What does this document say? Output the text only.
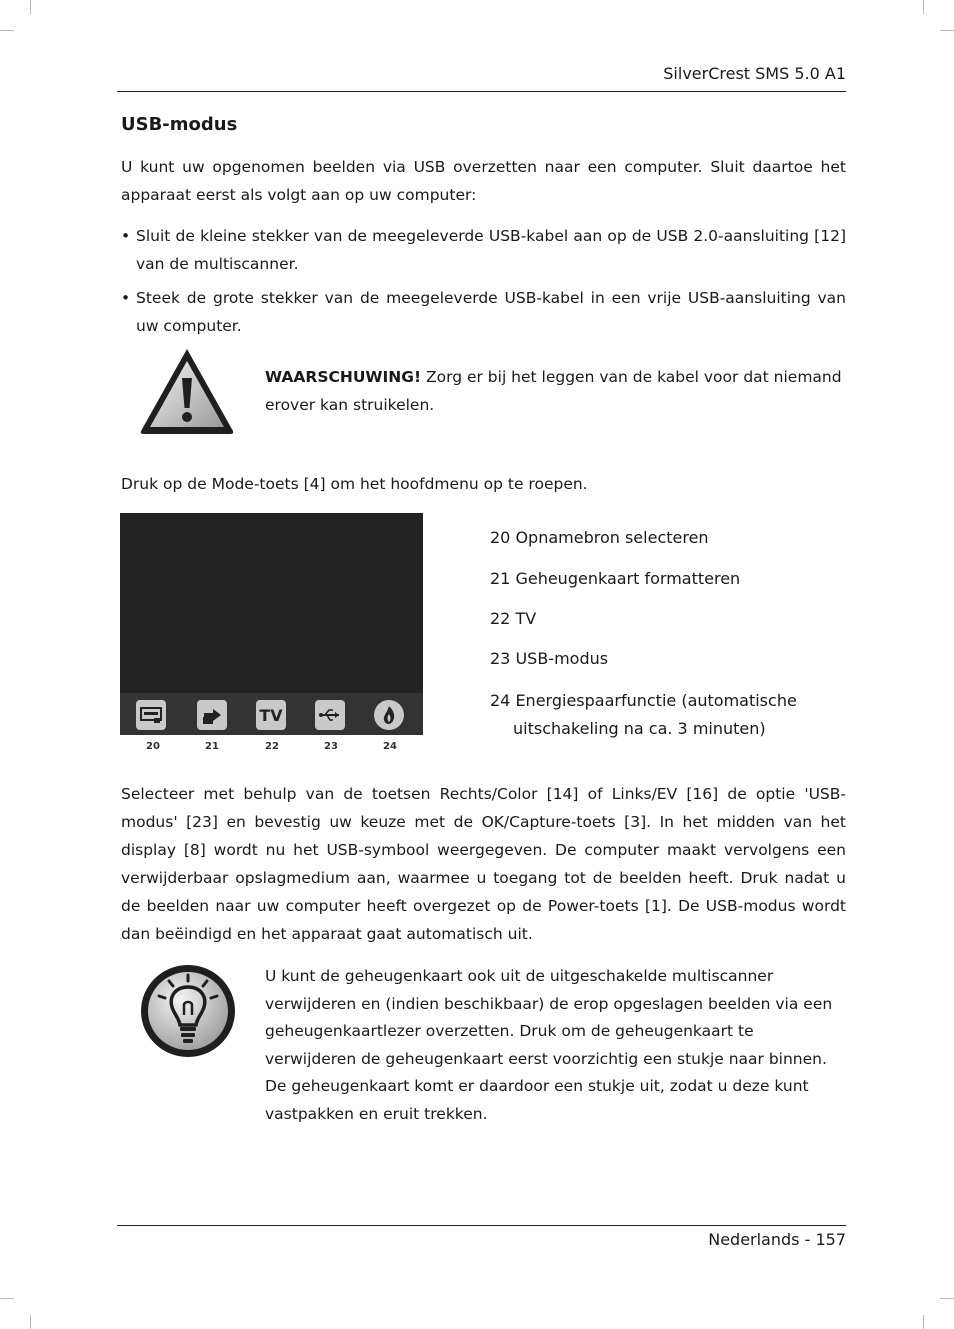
SilverCrest SMS 5.0 A1
USB-modus

U kunt uw opgenomen beelden via USB overzetten naar een computer. Sluit daartoe het apparaat eerst als volgt aan op uw computer:

• Sluit de kleine stekker van de meegeleverde USB-kabel aan op de USB 2.0-aansluiting [12] van de multiscanner.
• Steek de grote stekker van de meegeleverde USB-kabel in een vrije USB-aansluiting van uw computer.
WAARSCHUWING! Zorg er bij het leggen van de kabel voor dat niemand erover kan struikelen.

Druk op de Mode-toets [4] om het hoofdmenu op te roepen.

TV
20	21	22	23	24
20 Opnamebron selecteren
21 Geheugenkaart formatteren
22 TV
23 USB-modus
24 Energiespaarfunctie (automatische
uitschakeling na ca. 3 minuten)

Selecteer met behulp van de toetsen Rechts/Color [14] of Links/EV [16] de optie 'USB-modus' [23] en bevestig uw keuze met de OK/Capture-toets [3]. In het midden van het display [8] wordt nu het USB-symbool weergegeven. De computer maakt vervolgens een verwijderbaar opslagmedium aan, waarmee u toegang tot de beelden heeft. Druk nadat u de beelden naar uw computer heeft overgezet op de Power-toets [1]. De USB-modus wordt dan beëindigd en het apparaat gaat automatisch uit.

U kunt de geheugenkaart ook uit de uitgeschakelde multiscanner verwijderen en (indien beschikbaar) de erop opgeslagen beelden via een geheugenkaartlezer overzetten. Druk om de geheugenkaart te verwijderen de geheugenkaart eerst voorzichtig een stukje naar binnen. De geheugenkaart komt er daardoor een stukje uit, zodat u deze kunt vastpakken en eruit trekken.
Nederlands - 157
